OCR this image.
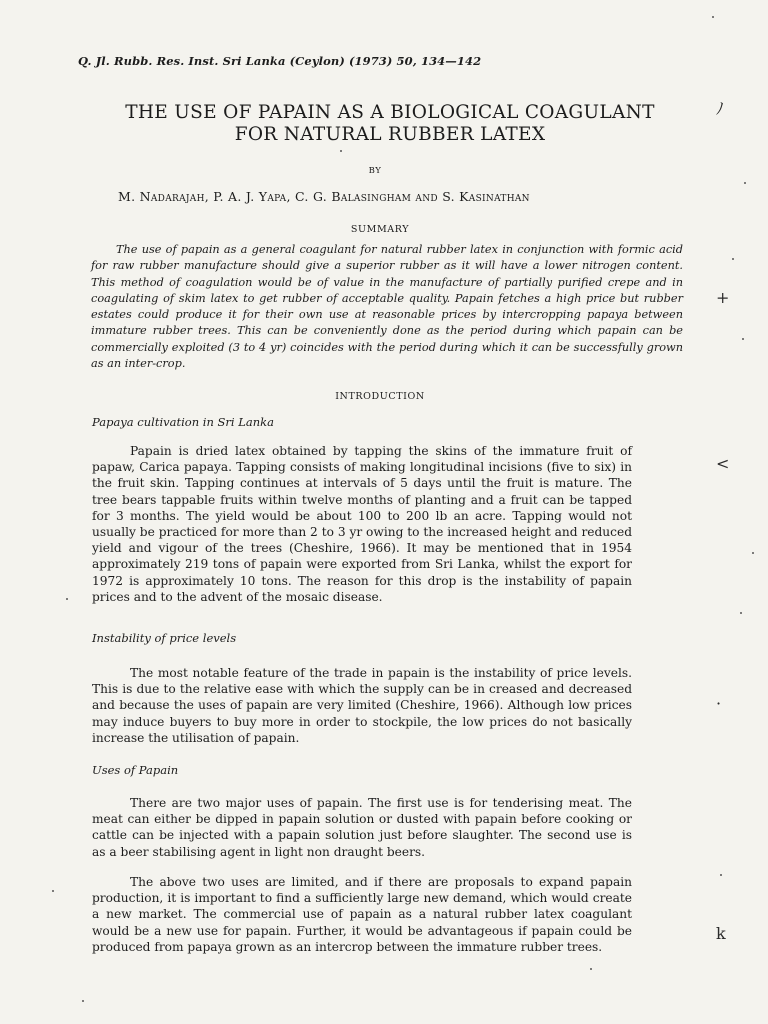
Q. Jl. Rubb. Res. Inst. Sri Lanka (Ceylon) (1973) 50, 134—142
THE USE OF PAPAIN AS A BIOLOGICAL COAGULANT
FOR NATURAL RUBBER LATEX
BY
M. Nadarajah, P. A. J. Yapa, C. G. Balasingham and S. Kasinathan
SUMMARY

The use of papain as a general coagulant for natural rubber latex in conjunction with formic acid for raw rubber manufacture should give a superior rubber as it will have a lower nitrogen content. This method of coagulation would be of value in the manufacture of partially purified crepe and in coagulating of skim latex to get rubber of acceptable quality. Papain fetches a high price but rubber estates could produce it for their own use at reasonable prices by intercropping papaya between immature rubber trees. This can be conveniently done as the period during which papain can be commercially exploited (3 to 4 yr) coincides with the period during which it can be successfully grown as an inter-crop.

INTRODUCTION
Papaya cultivation in Sri Lanka

Papain is dried latex obtained by tapping the skins of the immature fruit of papaw, Carica papaya. Tapping consists of making longitudinal incisions (five to six) in the fruit skin. Tapping continues at intervals of 5 days until the fruit is mature. The tree bears tappable fruits within twelve months of planting and a fruit can be tapped for 3 months. The yield would be about 100 to 200 lb an acre. Tapping would not usually be practiced for more than 2 to 3 yr owing to the increased height and reduced yield and vigour of the trees (Cheshire, 1966). It may be mentioned that in 1954 approximately 219 tons of papain were exported from Sri Lanka, whilst the export for 1972 is approximately 10 tons. The reason for this drop is the instability of papain prices and to the advent of the mosaic disease.

Instability of price levels

The most notable feature of the trade in papain is the instability of price levels. This is due to the relative ease with which the supply can be in creased and decreased and because the uses of papain are very limited (Cheshire, 1966). Although low prices may induce buyers to buy more in order to stockpile, the low prices do not basically increase the utilisation of papain.

Uses of Papain

There are two major uses of papain. The first use is for tenderising meat. The meat can either be dipped in papain solution or dusted with papain before cooking or cattle can be injected with a papain solution just before slaughter. The second use is as a beer stabilising agent in light non draught beers.

The above two uses are limited, and if there are proposals to expand papain production, it is important to find a sufficiently large new demand, which would create a new market. The commercial use of papain as a natural rubber latex coagulant would be a new use for papain. Further, it would be advantageous if papain could be produced from papaya grown as an intercrop between the immature rubber trees.

ﾉ
+
<
·
k
